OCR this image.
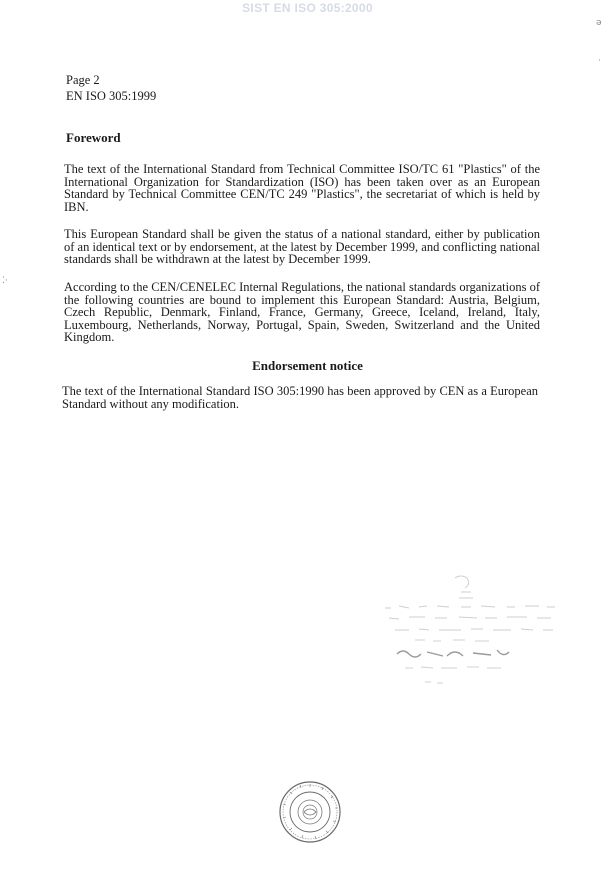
SIST EN ISO 305:2000
Page 2
EN ISO 305:1999
Foreword

The text of the International Standard from Technical Committee ISO/TC 61 "Plastics" of the International Organization for Standardization (ISO) has been taken over as an European Standard by Technical Committee CEN/TC 249 "Plastics", the secretariat of which is held by IBN.

This European Standard shall be given the status of a national standard, either by publication of an identical text or by endorsement, at the latest by December 1999, and conflicting national standards shall be withdrawn at the latest by December 1999.

According to the CEN/CENELEC Internal Regulations, the national standards organizations of the following countries are bound to implement this European Standard: Austria, Belgium, Czech Republic, Denmark, Finland, France, Germany, Greece, Iceland, Ireland, Italy, Luxembourg, Netherlands, Norway, Portugal, Spain, Sweden, Switzerland and the United Kingdom.

Endorsement notice

The text of the International Standard ISO 305:1990 has been approved by CEN as a European Standard without any modification.

ə
·
⁚·
